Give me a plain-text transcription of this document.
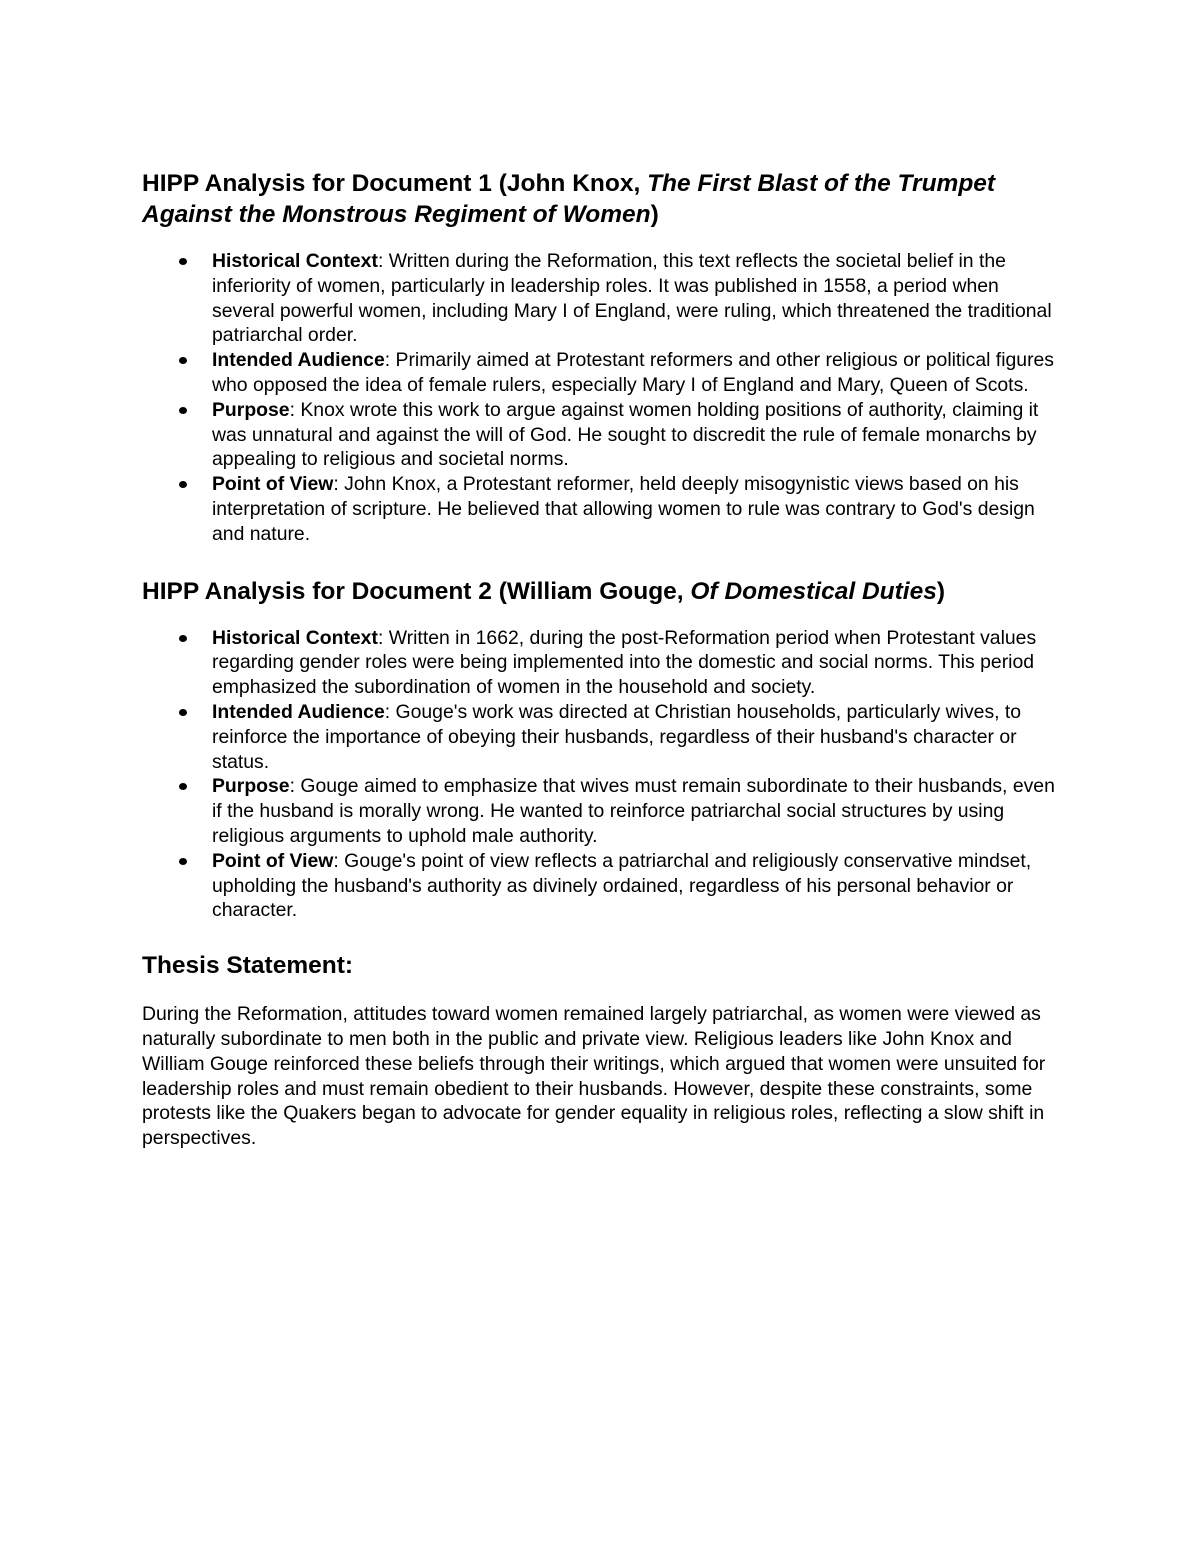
HIPP Analysis for Document 1 (John Knox, The First Blast of the Trumpet Against the Monstrous Regiment of Women)
Historical Context: Written during the Reformation, this text reflects the societal belief in the inferiority of women, particularly in leadership roles. It was published in 1558, a period when several powerful women, including Mary I of England, were ruling, which threatened the traditional patriarchal order.
Intended Audience: Primarily aimed at Protestant reformers and other religious or political figures who opposed the idea of female rulers, especially Mary I of England and Mary, Queen of Scots.
Purpose: Knox wrote this work to argue against women holding positions of authority, claiming it was unnatural and against the will of God. He sought to discredit the rule of female monarchs by appealing to religious and societal norms.
Point of View: John Knox, a Protestant reformer, held deeply misogynistic views based on his interpretation of scripture. He believed that allowing women to rule was contrary to God's design and nature.
HIPP Analysis for Document 2 (William Gouge, Of Domestical Duties)
Historical Context: Written in 1662, during the post-Reformation period when Protestant values regarding gender roles were being implemented into the domestic and social norms. This period emphasized the subordination of women in the household and society.
Intended Audience: Gouge's work was directed at Christian households, particularly wives, to reinforce the importance of obeying their husbands, regardless of their husband's character or status.
Purpose: Gouge aimed to emphasize that wives must remain subordinate to their husbands, even if the husband is morally wrong. He wanted to reinforce patriarchal social structures by using religious arguments to uphold male authority.
Point of View: Gouge's point of view reflects a patriarchal and religiously conservative mindset, upholding the husband's authority as divinely ordained, regardless of his personal behavior or character.
Thesis Statement:

During the Reformation, attitudes toward women remained largely patriarchal, as women were viewed as naturally subordinate to men both in the public and private view. Religious leaders like John Knox and William Gouge reinforced these beliefs through their writings, which argued that women were unsuited for leadership roles and must remain obedient to their husbands. However, despite these constraints, some protests like the Quakers began to advocate for gender equality in religious roles, reflecting a slow shift in perspectives.
